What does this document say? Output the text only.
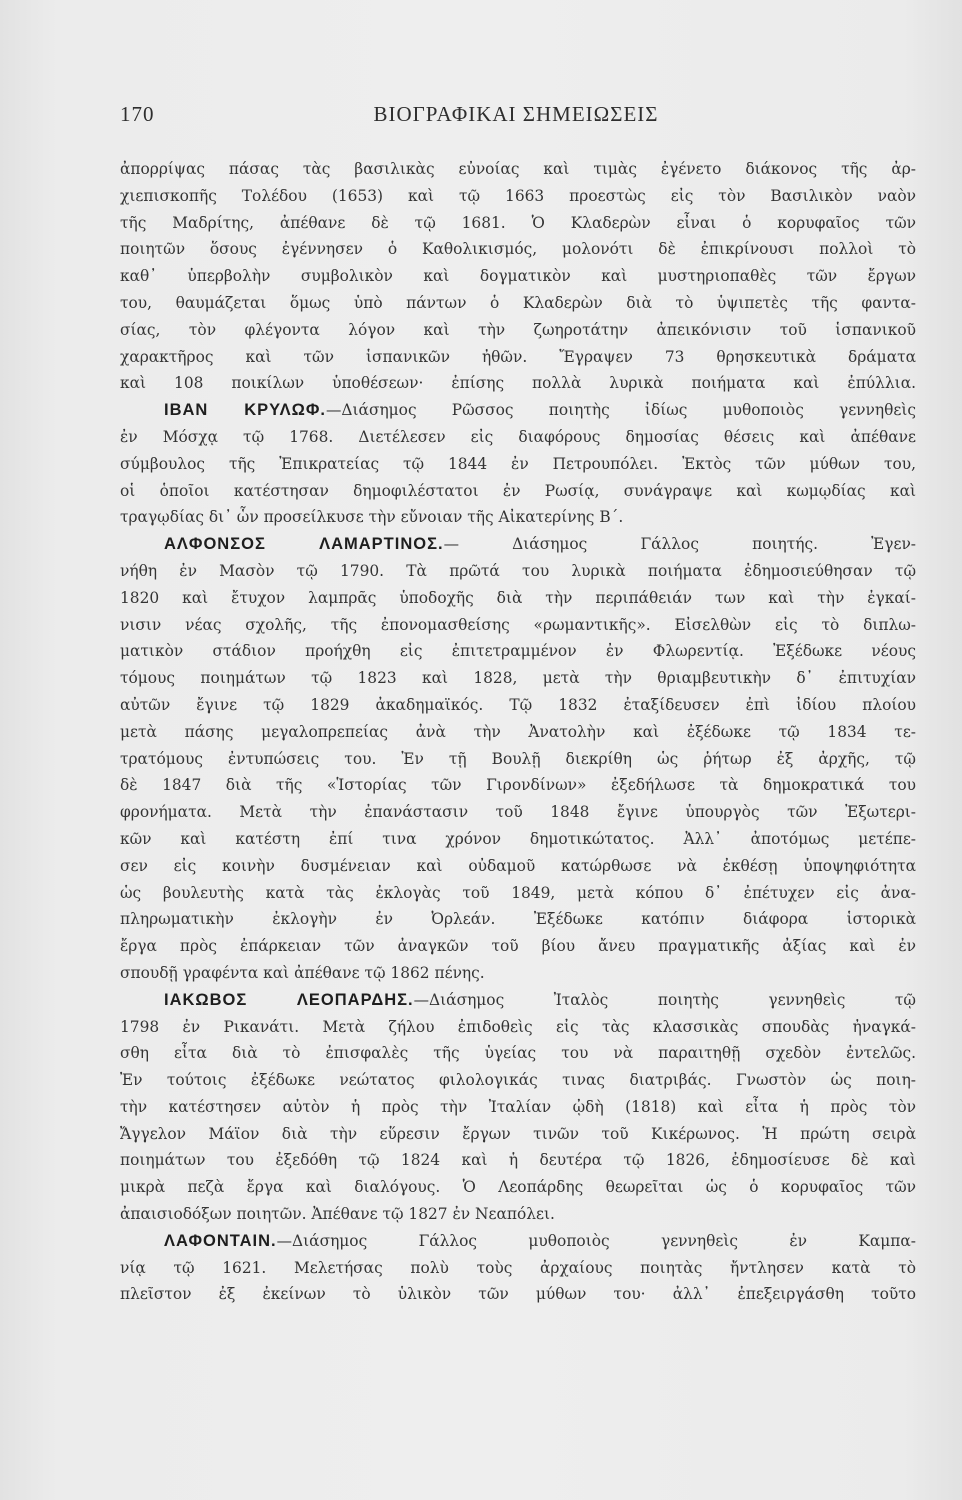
170	ΒΙΟΓΡΑΦΙΚΑΙ ΣΗΜΕΙΩΣΕΙΣ
ἀπορρίψας πάσας τὰς βασιλικὰς εὐνοίας καὶ τιμὰς ἐγένετο διάκονος τῆς ἀρ-
χιεπισκοπῆς Τολέδου (1653) καὶ τῷ 1663 προεστὼς εἰς τὸν Βασιλικὸν ναὸν
τῆς Μαδρίτης, ἀπέθανε δὲ τῷ 1681. Ὁ Κλαδερὼν εἶναι ὁ κορυφαῖος τῶν
ποιητῶν ὅσους ἐγέννησεν ὁ Καθολικισμός, μολονότι δὲ ἐπικρίνουσι πολλοὶ τὸ
καθ᾽ ὑπερβολὴν συμβολικὸν καὶ δογματικὸν καὶ μυστηριοπαθὲς τῶν ἔργων
του, θαυμάζεται ὅμως ὑπὸ πάντων ὁ Κλαδερὼν διὰ τὸ ὑψιπετὲς τῆς φαντα-
σίας, τὸν φλέγοντα λόγον καὶ τὴν ζωηροτάτην ἀπεικόνισιν τοῦ ἱσπανικοῦ
χαρακτῆρος καὶ τῶν ἱσπανικῶν ἠθῶν. Ἔγραψεν 73 θρησκευτικὰ δράματα
καὶ 108 ποικίλων ὑποθέσεων· ἐπίσης πολλὰ λυρικὰ ποιήματα καὶ ἐπύλλια.
ΙΒΑΝ ΚΡΥΛΩΦ.—Διάσημος Ρῶσσος ποιητὴς ἰδίως μυθοποιὸς γεννηθεὶς
ἐν Μόσχᾳ τῷ 1768. Διετέλεσεν εἰς διαφόρους δημοσίας θέσεις καὶ ἀπέθανε
σύμβουλος τῆς Ἐπικρατείας τῷ 1844 ἐν Πετρουπόλει. Ἐκτὸς τῶν μύθων του,
οἱ ὁποῖοι κατέστησαν δημοφιλέστατοι ἐν Ρωσίᾳ, συνάγραψε καὶ κωμῳδίας καὶ
τραγῳδίας δι᾽ ὧν προσείλκυσε τὴν εὔνοιαν τῆς Αἰκατερίνης Β΄.
ΑΛΦΟΝΣΟΣ ΛΑΜΑΡΤΙΝΟΣ.— Διάσημος Γάλλος ποιητής. Ἐγεν-
νήθη ἐν Μασὸν τῷ 1790. Τὰ πρῶτά του λυρικὰ ποιήματα ἐδημοσιεύθησαν τῷ
1820 καὶ ἔτυχον λαμπρᾶς ὑποδοχῆς διὰ τὴν περιπάθειάν των καὶ τὴν ἐγκαί-
νισιν νέας σχολῆς, τῆς ἐπονομασθείσης «ρωμαντικῆς». Εἰσελθὼν εἰς τὸ διπλω-
ματικὸν στάδιον προήχθη εἰς ἐπιτετραμμένον ἐν Φλωρεντίᾳ. Ἐξέδωκε νέους
τόμους ποιημάτων τῷ 1823 καὶ 1828, μετὰ τὴν θριαμβευτικὴν δ᾽ ἐπιτυχίαν
αὐτῶν ἔγινε τῷ 1829 ἀκαδημαϊκός. Τῷ 1832 ἐταξίδευσεν ἐπὶ ἰδίου πλοίου
μετὰ πάσης μεγαλοπρεπείας ἀνὰ τὴν Ἀνατολὴν καὶ ἐξέδωκε τῷ 1834 τε-
τρατόμους ἐντυπώσεις του. Ἐν τῇ Βουλῇ διεκρίθη ὡς ῥήτωρ ἐξ ἀρχῆς, τῷ
δὲ 1847 διὰ τῆς «Ἱστορίας τῶν Γιρονδίνων» ἐξεδήλωσε τὰ δημοκρατικά του
φρονήματα. Μετὰ τὴν ἐπανάστασιν τοῦ 1848 ἔγινε ὑπουργὸς τῶν Ἐξωτερι-
κῶν καὶ κατέστη ἐπί τινα χρόνον δημοτικώτατος. Ἀλλ᾽ ἀποτόμως μετέπε-
σεν εἰς κοινὴν δυσμένειαν καὶ οὐδαμοῦ κατώρθωσε νὰ ἐκθέσῃ ὑποψηφιότητα
ὡς βουλευτὴς κατὰ τὰς ἐκλογὰς τοῦ 1849, μετὰ κόπου δ᾽ ἐπέτυχεν εἰς ἀνα-
πληρωματικὴν ἐκλογὴν ἐν Ὀρλεάν. Ἐξέδωκε κατόπιν διάφορα ἱστορικὰ
ἔργα πρὸς ἐπάρκειαν τῶν ἀναγκῶν τοῦ βίου ἄνευ πραγματικῆς ἀξίας καὶ ἐν
σπουδῇ γραφέντα καὶ ἀπέθανε τῷ 1862 πένης.
ΙΑΚΩΒΟΣ ΛΕΟΠΑΡΔΗΣ.—Διάσημος Ἰταλὸς ποιητὴς γεννηθεὶς τῷ
1798 ἐν Ρικανάτι. Μετὰ ζήλου ἐπιδοθεὶς εἰς τὰς κλασσικὰς σπουδὰς ἠναγκά-
σθη εἶτα διὰ τὸ ἐπισφαλὲς τῆς ὑγείας του νὰ παραιτηθῇ σχεδὸν ἐντελῶς.
Ἐν τούτοις ἐξέδωκε νεώτατος φιλολογικάς τινας διατριβάς. Γνωστὸν ὡς ποιη-
τὴν κατέστησεν αὐτὸν ἡ πρὸς τὴν Ἰταλίαν ᾠδὴ (1818) καὶ εἶτα ἡ πρὸς τὸν
Ἄγγελον Μάϊον διὰ τὴν εὕρεσιν ἔργων τινῶν τοῦ Κικέρωνος. Ἡ πρώτη σειρὰ
ποιημάτων του ἐξεδόθη τῷ 1824 καὶ ἡ δευτέρα τῷ 1826, ἐδημοσίευσε δὲ καὶ
μικρὰ πεζὰ ἔργα καὶ διαλόγους. Ὁ Λεοπάρδης θεωρεῖται ὡς ὁ κορυφαῖος τῶν
ἀπαισιοδόξων ποιητῶν. Ἀπέθανε τῷ 1827 ἐν Νεαπόλει.
ΛΑΦΟΝΤΑΙΝ.—Διάσημος Γάλλος μυθοποιὸς γεννηθεὶς ἐν Καμπα-
νίᾳ τῷ 1621. Μελετήσας πολὺ τοὺς ἀρχαίους ποιητὰς ἤντλησεν κατὰ τὸ
πλεῖστον ἐξ ἐκείνων τὸ ὑλικὸν τῶν μύθων του· ἀλλ᾽ ἐπεξειργάσθη τοῦτο
